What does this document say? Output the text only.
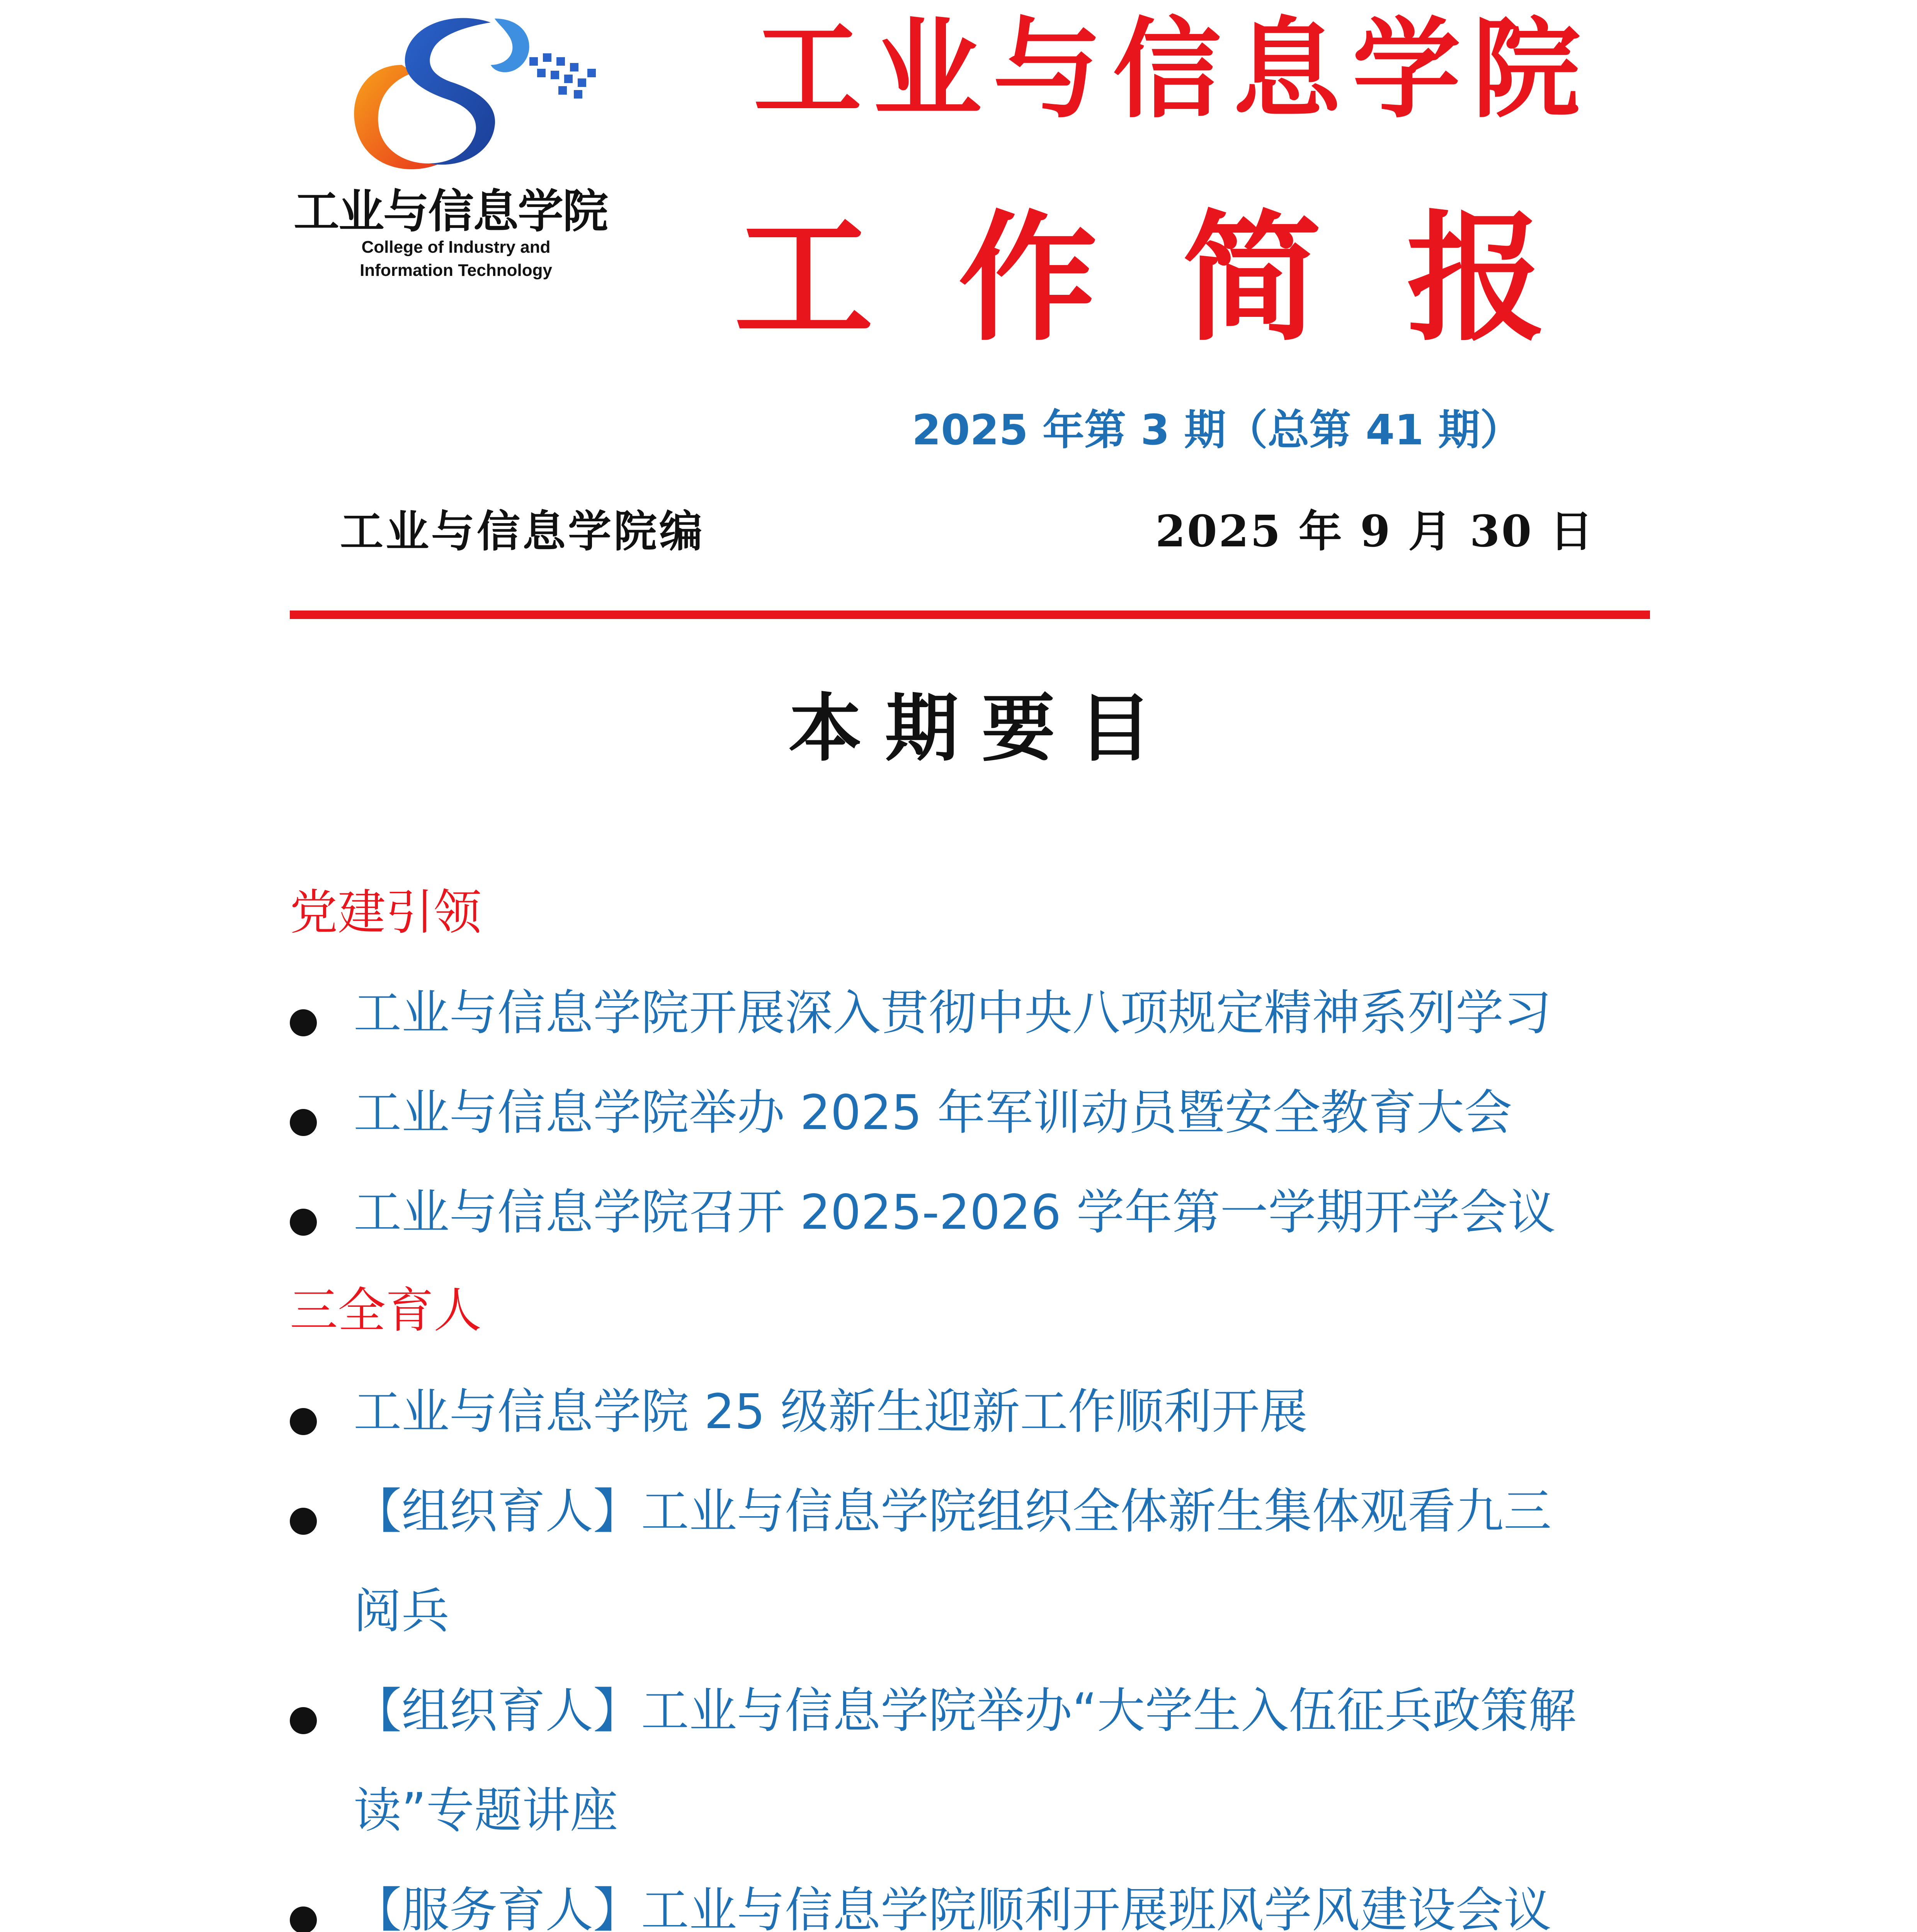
工业与信息学院
College of Industry and
Information Technology
工业与信息学院
工 作 简 报
2025 年第 3 期（总第 41 期）
工业与信息学院编	2025 年 9 月 30 日
本期要目
党建引领
工业与信息学院开展深入贯彻中央八项规定精神系列学习
工业与信息学院举办 2025 年军训动员暨安全教育大会
工业与信息学院召开 2025-2026 学年第一学期开学会议
三全育人
工业与信息学院 25 级新生迎新工作顺利开展
【组织育人】工业与信息学院组织全体新生集体观看九三阅兵
【组织育人】工业与信息学院举办“大学生入伍征兵政策解读”专题讲座
【服务育人】工业与信息学院顺利开展班风学风建设会议
